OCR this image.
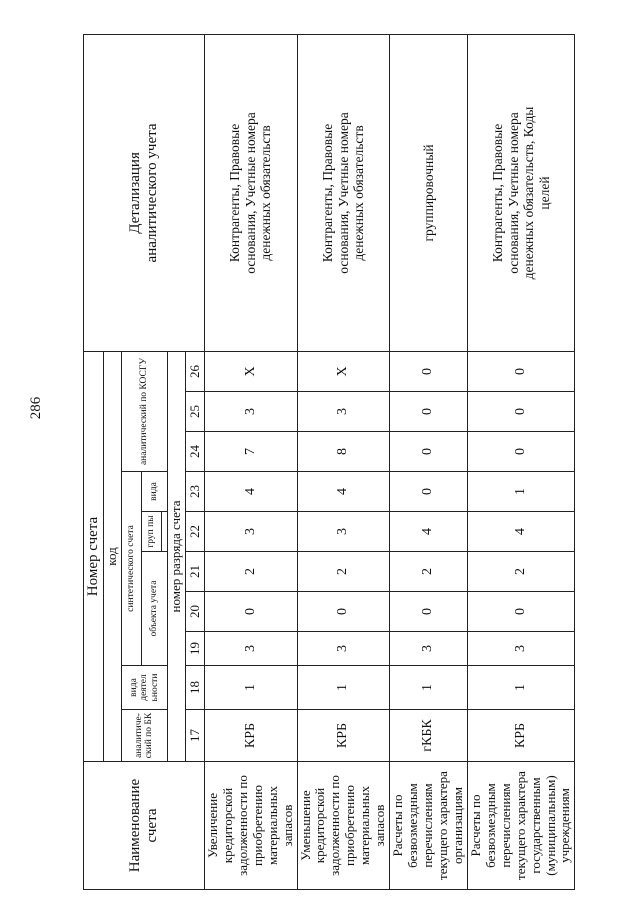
286
Наименование счета	Номер счета										Детализация аналитического учета
	код										
	аналитический по БК	вида деятел ьности	синтетического счета					аналитический по КОСГУ			
			объекта учета			груп пы	вида				

	номер разряда счета										
	17	18	19	20	21	22	23	24	25	26	
Увеличение кредиторской задолженности по приобретению материальных запасов	КРБ	1	3	0	2	3	4	7	3	X	Контрагенты, Правовые основания, Учетные номера денежных обязательств
Уменьшение кредиторской задолженности по приобретению материальных запасов	КРБ	1	3	0	2	3	4	8	3	X	Контрагенты, Правовые основания, Учетные номера денежных обязательств
Расчеты по безвозмездным перечислениям текущего характера организациям	гКБК	1	3	0	2	4	0	0	0	0	группировочный
Расчеты по безвозмездным перечислениям текущего характера государственным (муниципальным) учреждениям	КРБ	1	3	0	2	4	1	0	0	0	Контрагенты, Правовые основания, Учетные номера денежных обязательств, Коды целей
